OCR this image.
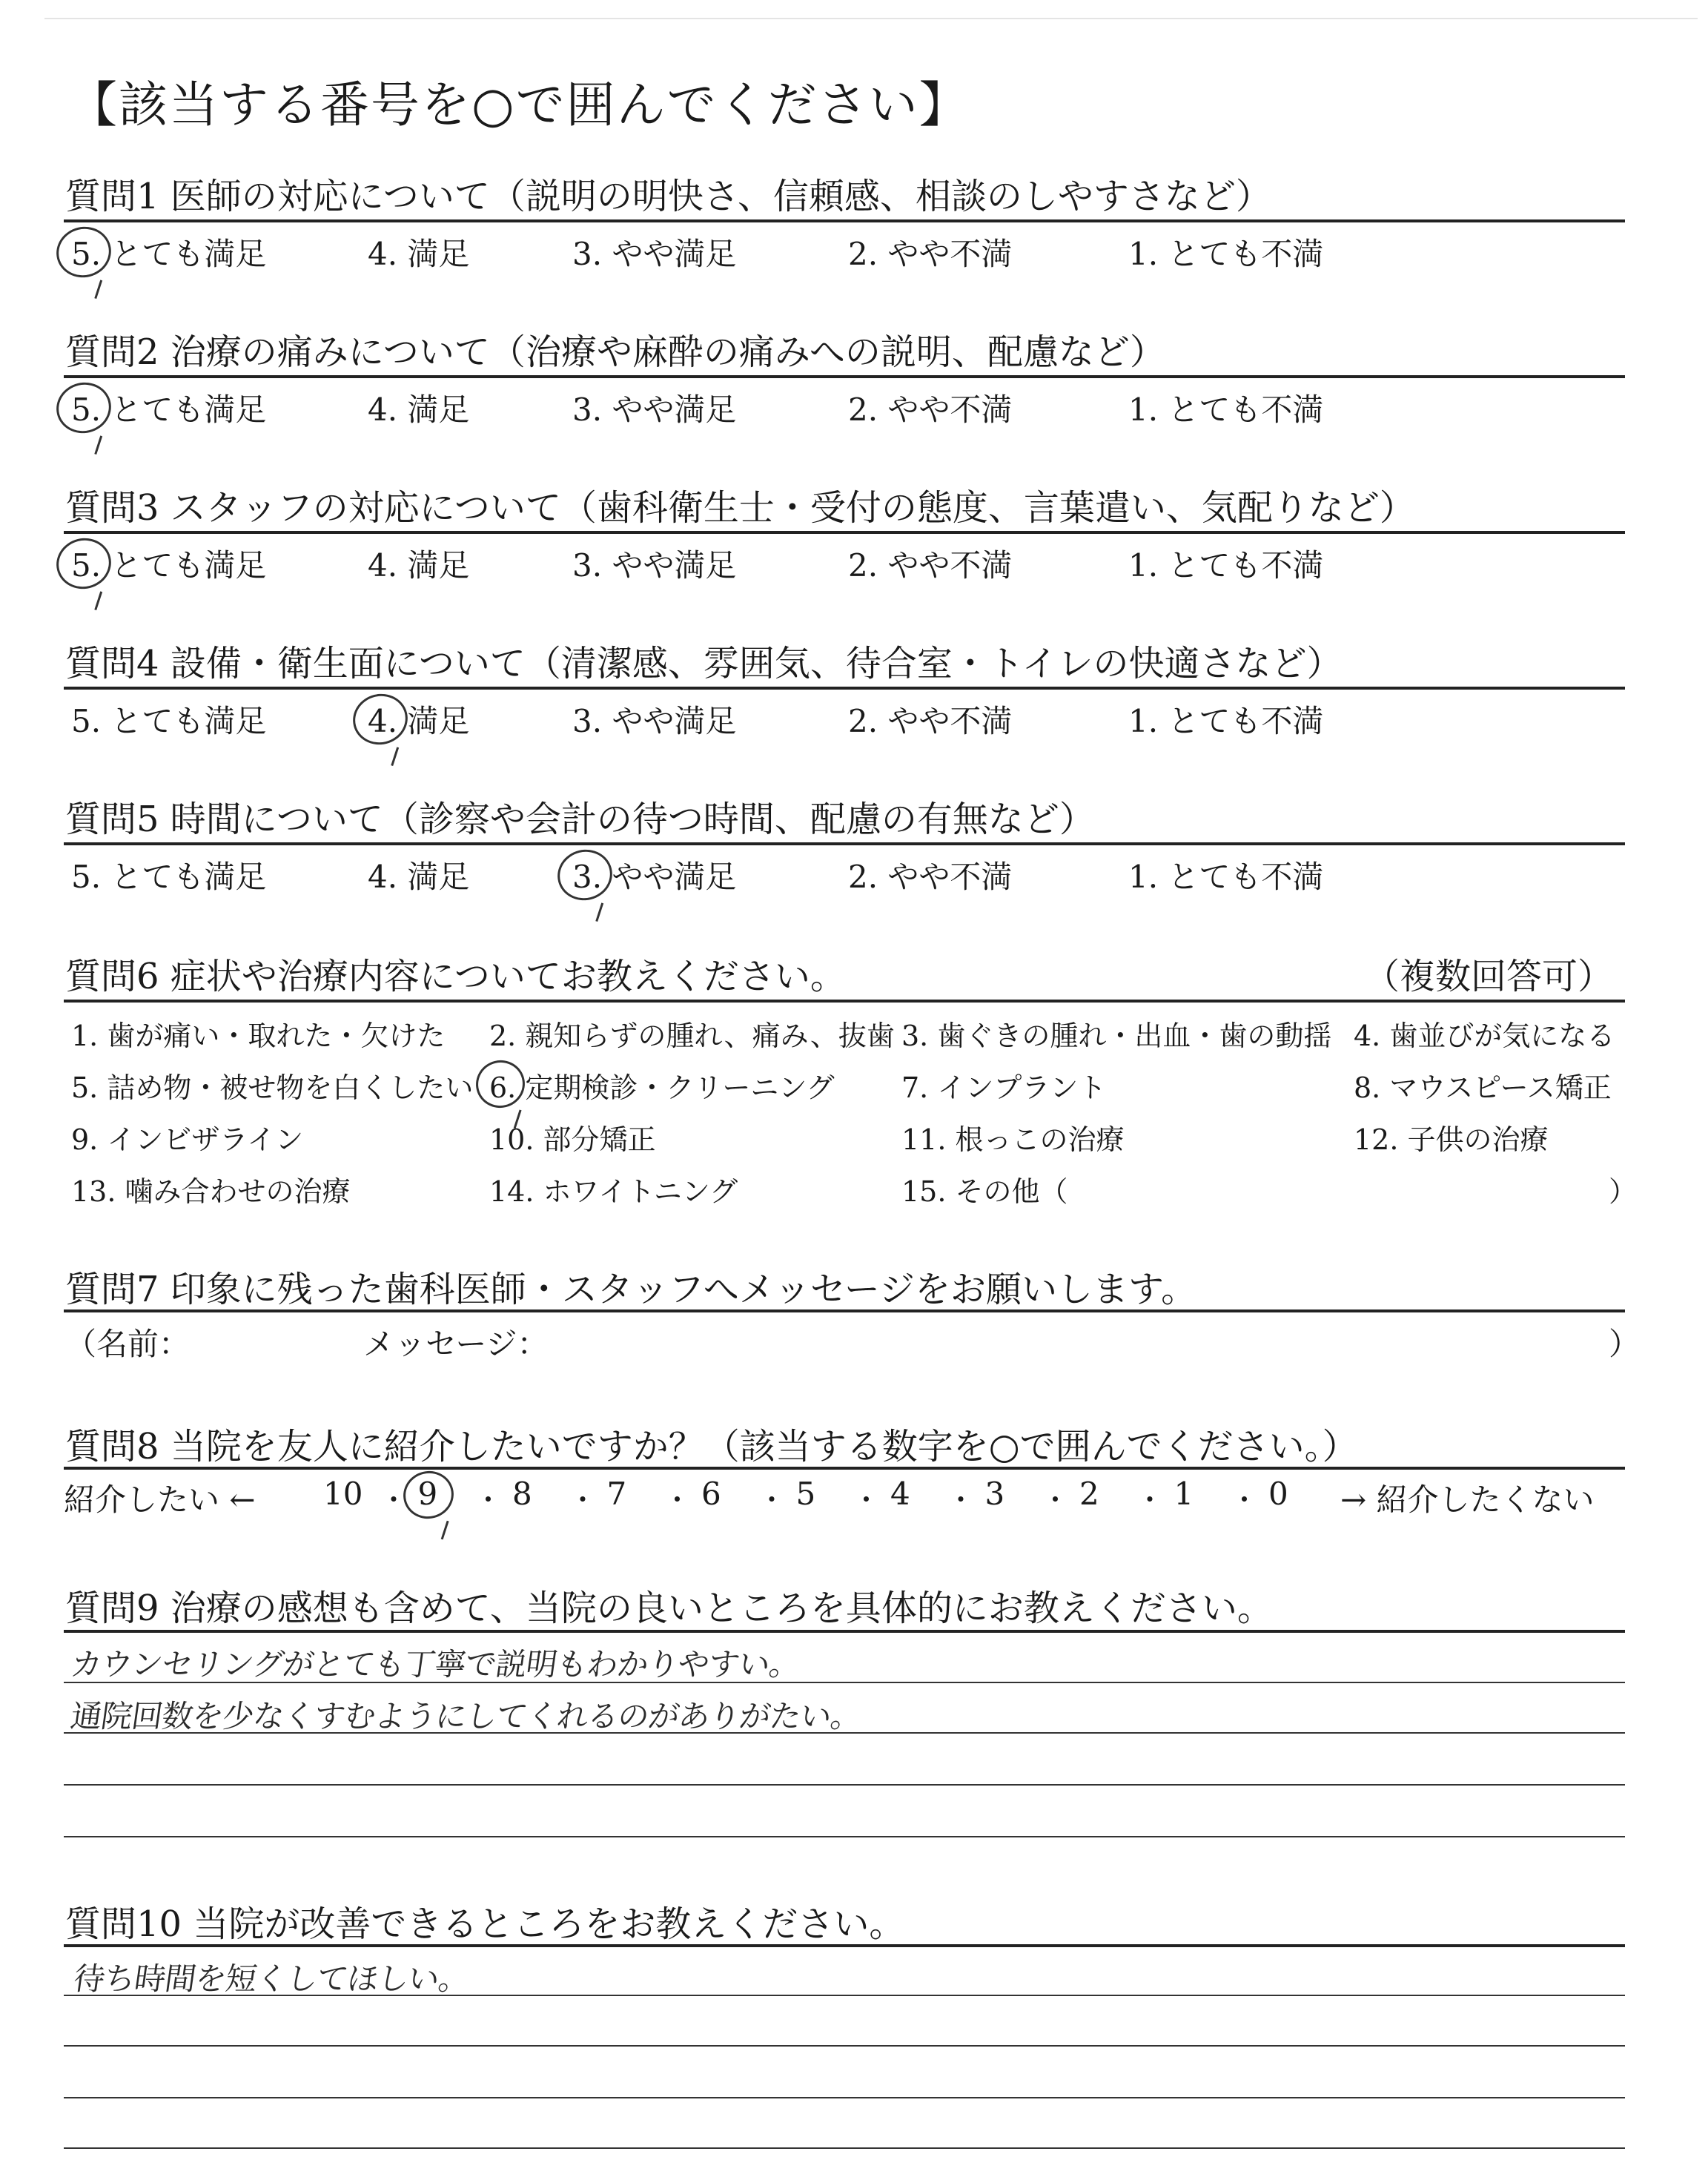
【該当する番号を○で囲んでください】
質問1 医師の対応について（説明の明快さ、信頼感、相談のしやすさなど）
5. とても満足	4. 満足	3. やや満足	2. やや不満	1. とても不満
質問2 治療の痛みについて（治療や麻酔の痛みへの説明、配慮など）
5. とても満足	4. 満足	3. やや満足	2. やや不満	1. とても不満
質問3 スタッフの対応について（歯科衛生士・受付の態度、言葉遣い、気配りなど）
5. とても満足	4. 満足	3. やや満足	2. やや不満	1. とても不満
質問4 設備・衛生面について（清潔感、雰囲気、待合室・トイレの快適さなど）
5. とても満足	4. 満足	3. やや満足	2. やや不満	1. とても不満
質問5 時間について（診察や会計の待つ時間、配慮の有無など）
5. とても満足	4. 満足	3. やや満足	2. やや不満	1. とても不満
質問6 症状や治療内容についてお教えください。	（複数回答可）
1. 歯が痛い・取れた・欠けた 2. 親知らずの腫れ、痛み、抜歯 3. 歯ぐきの腫れ・出血・歯の動揺 4. 歯並びが気になる
5. 詰め物・被せ物を白くしたい 6. 定期検診・クリーニング 7. インプラント	8. マウスピース矯正
9. インビザライン	10. 部分矯正	11. 根っこの治療	12. 子供の治療
13. 噛み合わせの治療	14. ホワイトニング	15. その他（	）
質問7 印象に残った歯科医師・スタッフへメッセージをお願いします。
（名前：	メッセージ：	）
質問8 当院を友人に紹介したいですか？（該当する数字を○で囲んでください。）
紹介したい ←	→ 紹介したくない
10 ・ 9 ・ 8 ・ 7 ・ 6 ・ 5 ・ 4 ・ 3 ・ 2 ・ 1 ・ 0
質問9 治療の感想も含めて、当院の良いところを具体的にお教えください。
カウンセリングがとても丁寧で説明もわかりやすい。
通院回数を少なくすむようにしてくれるのがありがたい。
質問10 当院が改善できるところをお教えください。
待ち時間を短くしてほしい。
